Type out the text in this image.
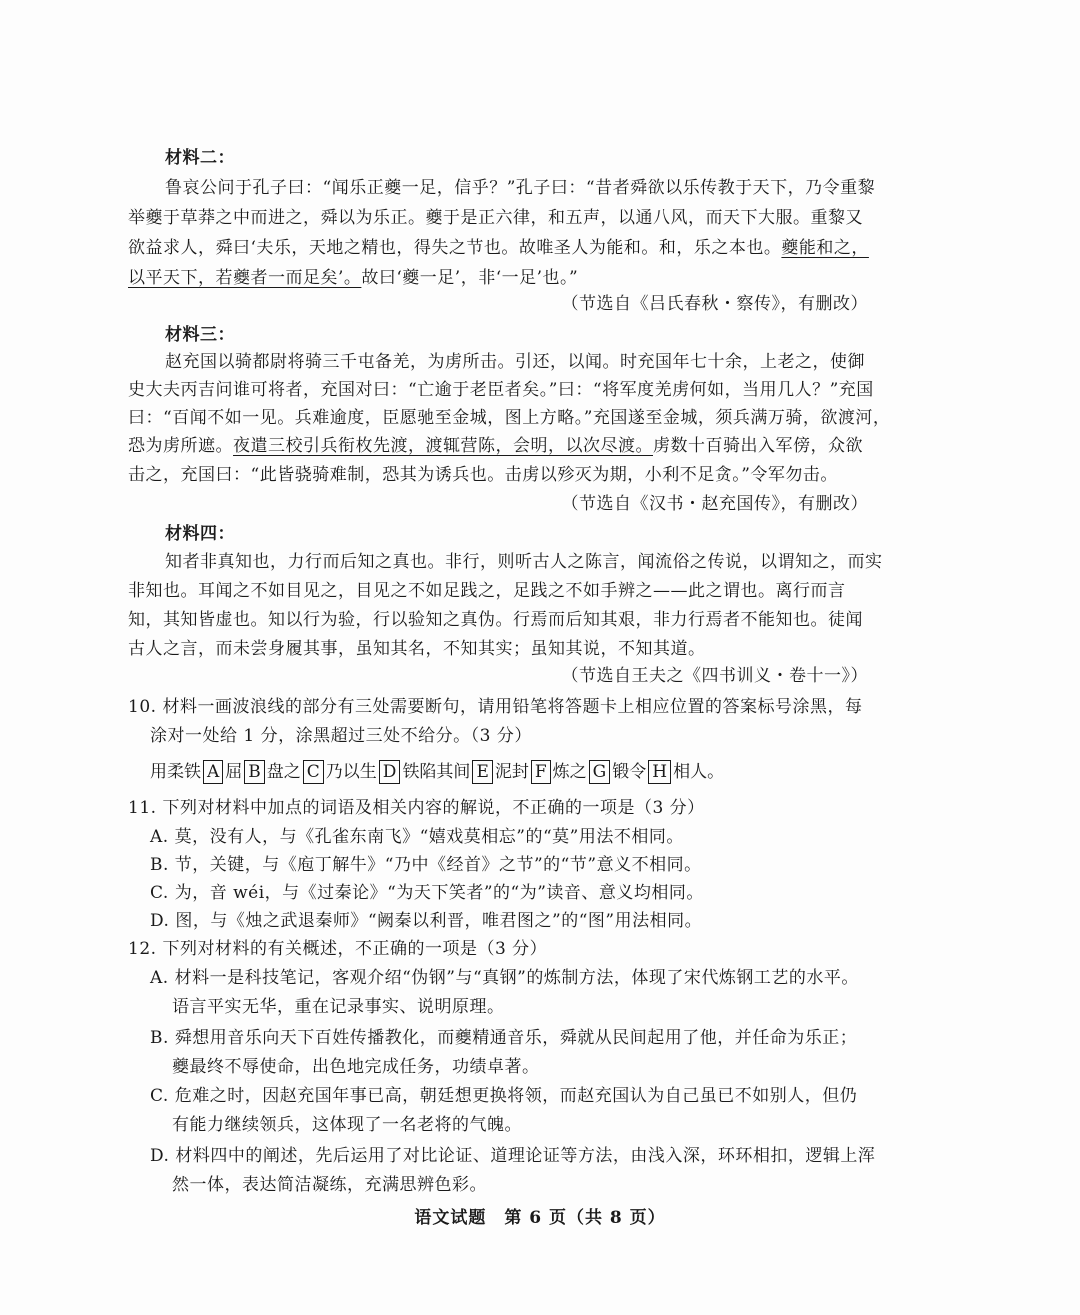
材料二：
鲁哀公问于孔子曰：“闻乐正夔一足，信乎？”孔子曰：“昔者舜欲以乐传教于天下，乃令重黎
举夔于草莽之中而进之，舜以为乐正。夔于是正六律，和五声，以通八风，而天下大服。重黎又
欲益求人，舜曰‘夫乐，天地之精也，得失之节也。故唯圣人为能和。和，乐之本也。夔能和之，
以平天下，若夔者一而足矣’。故曰‘夔一足’，非‘一足’也。”
（节选自《吕氏春秋・察传》，有删改）
材料三：
赵充国以骑都尉将骑三千屯备羌，为虏所击。引还，以闻。时充国年七十余，上老之，使御
史大夫丙吉问谁可将者，充国对曰：“亡逾于老臣者矣。”曰：“将军度羌虏何如，当用几人？”充国
曰：“百闻不如一见。兵难逾度，臣愿驰至金城，图上方略。”充国遂至金城，须兵满万骑，欲渡河，
恐为虏所遮。夜遣三校引兵衔枚先渡，渡辄营陈，会明，以次尽渡。虏数十百骑出入军傍，众欲
击之，充国曰：“此皆骁骑难制，恐其为诱兵也。击虏以殄灭为期，小利不足贪。”令军勿击。
（节选自《汉书・赵充国传》，有删改）
材料四：
知者非真知也，力行而后知之真也。非行，则听古人之陈言，闻流俗之传说，以谓知之，而实
非知也。耳闻之不如目见之，目见之不如足践之，足践之不如手辨之——此之谓也。离行而言
知，其知皆虚也。知以行为验，行以验知之真伪。行焉而后知其艰，非力行焉者不能知也。徒闻
古人之言，而未尝身履其事，虽知其名，不知其实；虽知其说，不知其道。
（节选自王夫之《四书训义・卷十一》）
10. 材料一画波浪线的部分有三处需要断句，请用铅笔将答题卡上相应位置的答案标号涂黑，每
涂对一处给 1 分，涂黑超过三处不给分。（3 分）
用柔铁 A 屈 B 盘之 C 乃以生 D 铁陷其间 E 泥封 F 炼之 G 锻令 H 相人。
11. 下列对材料中加点的词语及相关内容的解说，不正确的一项是（3 分）
A. 莫，没有人，与《孔雀东南飞》“嬉戏莫相忘”的“莫”用法不相同。
B. 节，关键，与《庖丁解牛》“乃中《经首》之节”的“节”意义不相同。
C. 为，音 wéi，与《过秦论》“为天下笑者”的“为”读音、意义均相同。
D. 图，与《烛之武退秦师》“阙秦以利晋，唯君图之”的“图”用法相同。
12. 下列对材料的有关概述，不正确的一项是（3 分）
A. 材料一是科技笔记，客观介绍“伪钢”与“真钢”的炼制方法，体现了宋代炼钢工艺的水平。
语言平实无华，重在记录事实、说明原理。
B. 舜想用音乐向天下百姓传播教化，而夔精通音乐，舜就从民间起用了他，并任命为乐正；
夔最终不辱使命，出色地完成任务，功绩卓著。
C. 危难之时，因赵充国年事已高，朝廷想更换将领，而赵充国认为自己虽已不如别人，但仍
有能力继续领兵，这体现了一名老将的气魄。
D. 材料四中的阐述，先后运用了对比论证、道理论证等方法，由浅入深，环环相扣，逻辑上浑
然一体，表达简洁凝练，充满思辨色彩。
语文试题　第 6 页（共 8 页）
